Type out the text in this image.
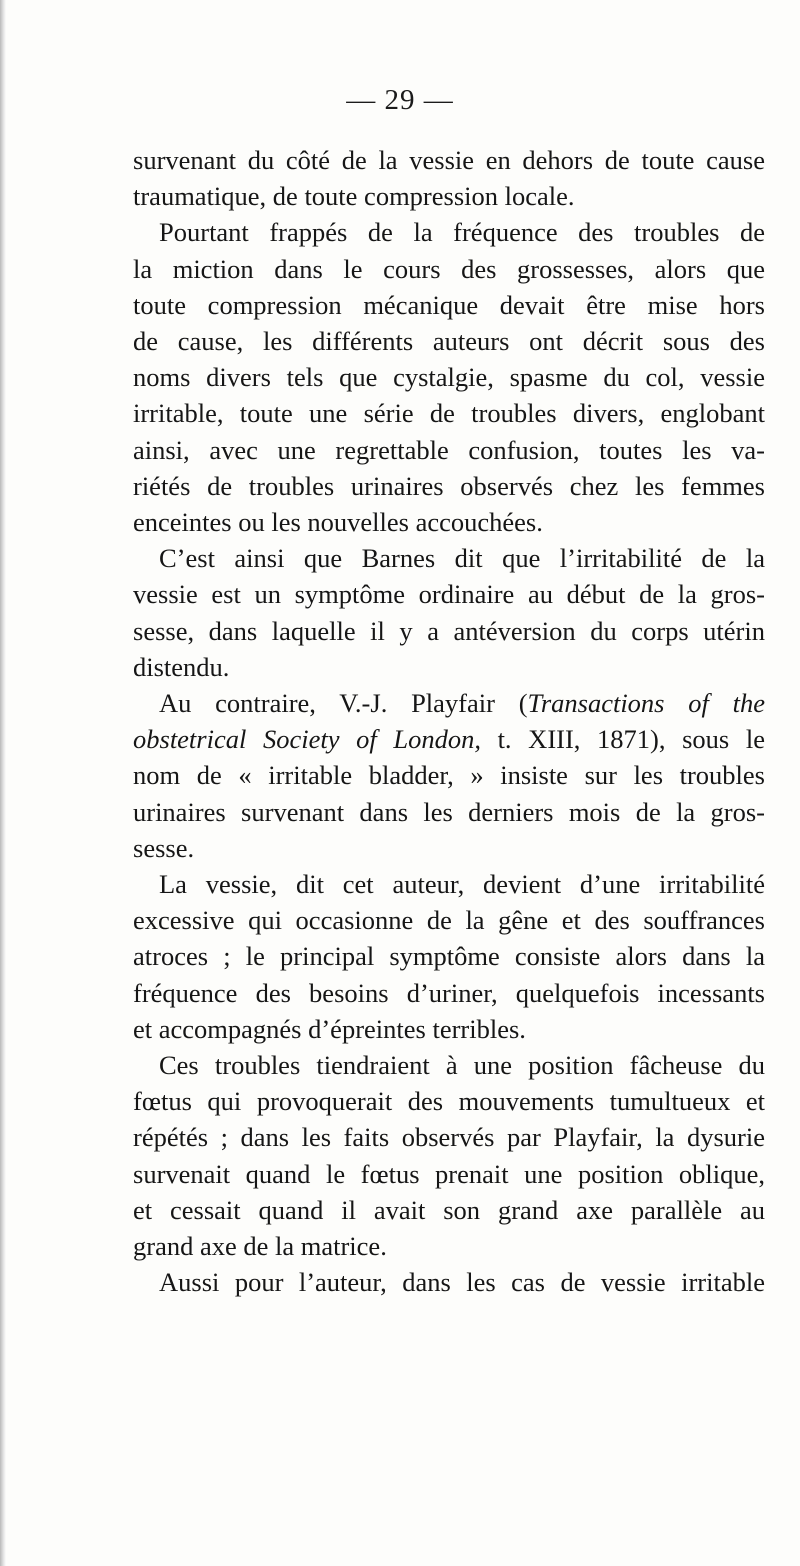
— 29 —
survenant du côté de la vessie en dehors de toute cause
traumatique, de toute compression locale.
Pourtant frappés de la fréquence des troubles de
la miction dans le cours des grossesses, alors que
toute compression mécanique devait être mise hors
de cause, les différents auteurs ont décrit sous des
noms divers tels que cystalgie, spasme du col, vessie
irritable, toute une série de troubles divers, englobant
ainsi, avec une regrettable confusion, toutes les va-
riétés de troubles urinaires observés chez les femmes
enceintes ou les nouvelles accouchées.
C’est ainsi que Barnes dit que l’irritabilité de la
vessie est un symptôme ordinaire au début de la gros-
sesse, dans laquelle il y a antéversion du corps utérin
distendu.
Au contraire, V.-J. Playfair (Transactions of the
obstetrical Society of London, t. XIII, 1871), sous le
nom de « irritable bladder, » insiste sur les troubles
urinaires survenant dans les derniers mois de la gros-
sesse.
La vessie, dit cet auteur, devient d’une irritabilité
excessive qui occasionne de la gêne et des souffrances
atroces ; le principal symptôme consiste alors dans la
fréquence des besoins d’uriner, quelquefois incessants
et accompagnés d’épreintes terribles.
Ces troubles tiendraient à une position fâcheuse du
fœtus qui provoquerait des mouvements tumultueux et
répétés ; dans les faits observés par Playfair, la dysurie
survenait quand le fœtus prenait une position oblique,
et cessait quand il avait son grand axe parallèle au
grand axe de la matrice.
Aussi pour l’auteur, dans les cas de vessie irritable
